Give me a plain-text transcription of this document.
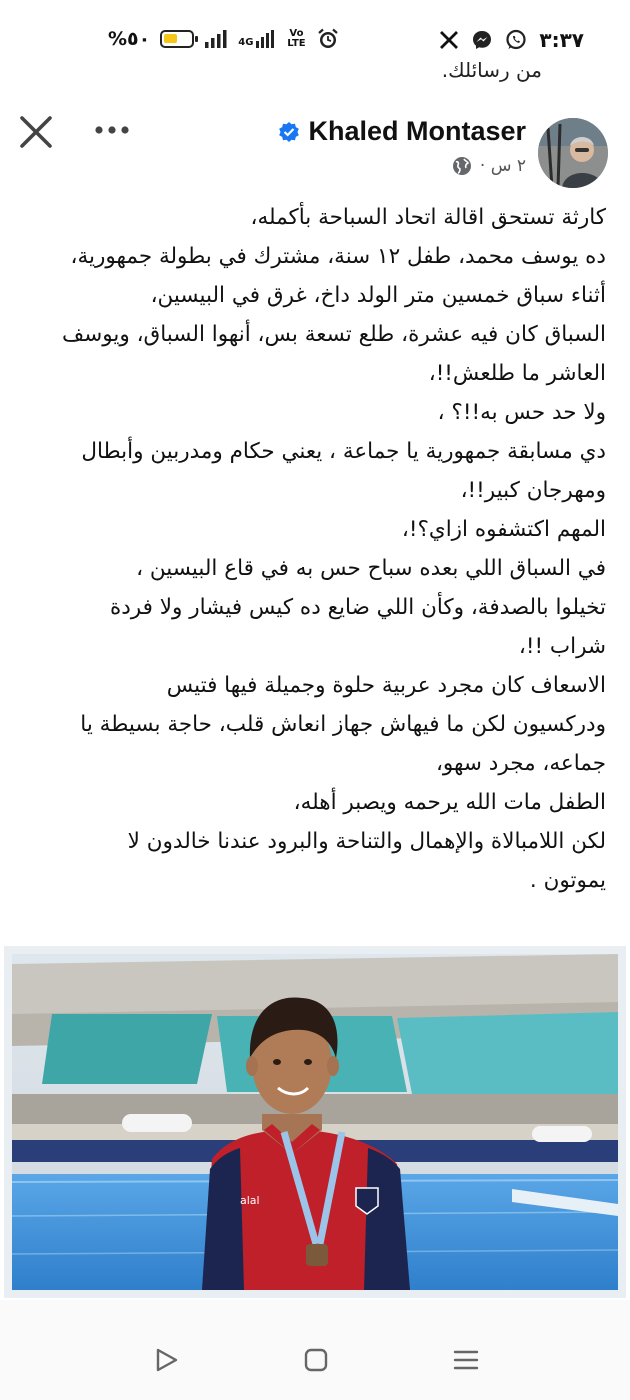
%٥٠	4G
Vo LTE	٣:٣٧
من رسائلك.
Khaled Montaser
٢ س ·
كارثة تستحق اقالة اتحاد السباحة بأكمله،
ده يوسف محمد، طفل ١٢ سنة، مشترك في بطولة جمهورية،
أثناء سباق خمسين متر الولد داخ، غرق في البيسين،
السباق كان فيه عشرة، طلع تسعة بس، أنهوا السباق، ويوسف
العاشر ما طلعش!!،
ولا حد حس به!!؟ ،
دي مسابقة جمهورية يا جماعة ، يعني حكام ومدربين وأبطال
ومهرجان كبير!!،
المهم اكتشفوه ازاي؟!،
في السباق اللي بعده سباح حس به في قاع البيسين ،
تخيلوا بالصدفة، وكأن اللي ضايع ده كيس فيشار ولا فردة
شراب !!،
الاسعاف كان مجرد عربية حلوة وجميلة فيها فتيس
ودركسيون لكن ما فيهاش جهاز انعاش قلب، حاجة بسيطة يا
جماعه، مجرد سهو،
الطفل مات الله يرحمه ويصبر أهله،
لكن اللامبالاة والإهمال والتناحة والبرود عندنا خالدون لا
يموتون .
alal
